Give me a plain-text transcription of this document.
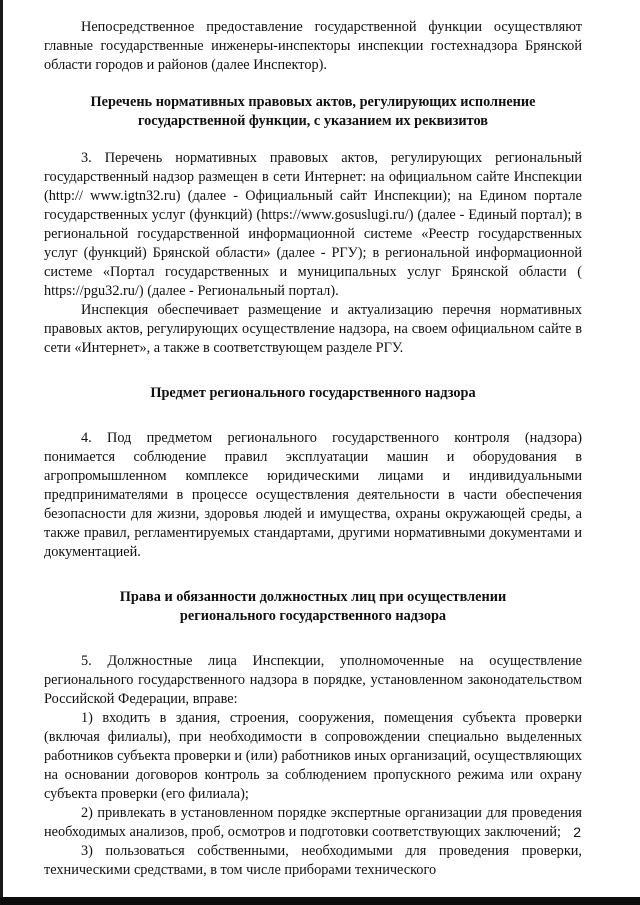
Непосредственное предоставление государственной функции осуществляют главные государственные инженеры-инспекторы инспекции гостехнадзора Брянской области городов и районов (далее Инспектор).

Перечень нормативных правовых актов, регулирующих исполнение
государственной функции, с указанием их реквизитов

3. Перечень нормативных правовых актов, регулирующих региональный государственный надзор размещен в сети Интернет: на официальном сайте Инспекции (http:// www.igtn32.ru) (далее - Официальный сайт Инспекции); на Едином портале государственных услуг (функций) (https://www.gosuslugi.ru/) (далее - Единый портал); в региональной государственной информационной системе «Реестр государственных услуг (функций) Брянской области» (далее - РГУ); в региональной информационной системе «Портал государственных и муниципальных услуг Брянской области ( https://pgu32.ru/) (далее - Региональный портал).

Инспекция обеспечивает размещение и актуализацию перечня нормативных правовых актов, регулирующих осуществление надзора, на своем официальном сайте в сети «Интернет», а также в соответствующем разделе РГУ.

Предмет регионального государственного надзора

4. Под предметом регионального государственного контроля (надзора) понимается соблюдение правил эксплуатации машин и оборудования в агропромышленном комплексе юридическими лицами и индивидуальными предпринимателями в процессе осуществления деятельности в части обеспечения безопасности для жизни, здоровья людей и имущества, охраны окружающей среды, а также правил, регламентируемых стандартами, другими нормативными документами и документацией.

Права и обязанности должностных лиц при осуществлении
регионального государственного надзора

5. Должностные лица Инспекции, уполномоченные на осуществление регионального государственного надзора в порядке, установленном законодательством Российской Федерации, вправе:

1) входить в здания, строения, сооружения, помещения субъекта проверки (включая филиалы), при необходимости в сопровождении специально выделенных работников субъекта проверки и (или) работников иных организаций, осуществляющих на основании договоров контроль за соблюдением пропускного режима или охрану субъекта проверки (его филиала);

2) привлекать в установленном порядке экспертные организации для проведения необходимых анализов, проб, осмотров и подготовки соответствующих заключений;

3) пользоваться собственными, необходимыми для проведения проверки, техническими средствами, в том числе приборами технического

2
